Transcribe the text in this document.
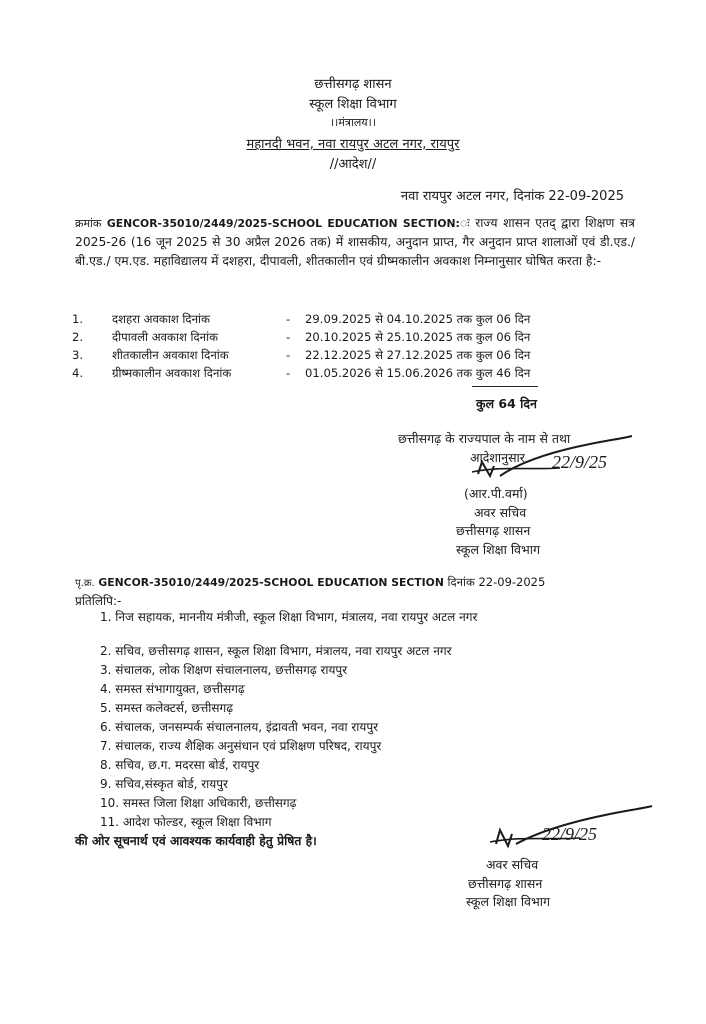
छत्तीसगढ़ शासन
स्कूल शिक्षा विभाग
।।मंत्रालय।।
महानदी भवन, नवा रायपुर अटल नगर, रायपुर
//आदेश//
नवा रायपुर अटल नगर, दिनांक 22-09-2025
क्रमांक GENCOR-35010/2449/2025-SCHOOL EDUCATION SECTION:ः राज्य शासन एतद् द्वारा शिक्षण सत्र 2025-26 (16 जून 2025 से 30 अप्रैल 2026 तक) में शासकीय, अनुदान प्राप्त, गैर अनुदान प्राप्त शालाओं एवं डी.एड./बी.एड./ एम.एड. महाविद्यालय में दशहरा, दीपावली, शीतकालीन एवं ग्रीष्मकालीन अवकाश निम्नानुसार घोषित करता है:-
1. दशहरा अवकाश दिनांक	- 29.09.2025 से 04.10.2025 तक कुल 06 दिन
2. दीपावली अवकाश दिनांक	- 20.10.2025 से 25.10.2025 तक कुल 06 दिन
3. शीतकालीन अवकाश दिनांक	- 22.12.2025 से 27.12.2025 तक कुल 06 दिन
4. ग्रीष्मकालीन अवकाश दिनांक	- 01.05.2026 से 15.06.2026 तक कुल 46 दिन
कुल 64 दिन
छत्तीसगढ़ के राज्यपाल के नाम से तथा
आदेशानुसार 22/9/25
(आर.पी.वर्मा)
अवर सचिव
छत्तीसगढ़ शासन
स्कूल शिक्षा विभाग
पृ.क्र. GENCOR-35010/2449/2025-SCHOOL EDUCATION SECTION दिनांक 22-09-2025
प्रतिलिपि:-
1. निज सहायक, माननीय मंत्रीजी, स्कूल शिक्षा विभाग, मंत्रालय, नवा रायपुर अटल नगर
2. सचिव, छत्तीसगढ़ शासन, स्कूल शिक्षा विभाग, मंत्रालय, नवा रायपुर अटल नगर
3. संचालक, लोक शिक्षण संचालनालय, छत्तीसगढ़ रायपुर
4. समस्त संभागायुक्त, छत्तीसगढ़
5. समस्त कलेक्टर्स, छत्तीसगढ़
6. संचालक, जनसम्पर्क संचालनालय, इंद्रावती भवन, नवा रायपुर
7. संचालक, राज्य शैक्षिक अनुसंधान एवं प्रशिक्षण परिषद, रायपुर
8. सचिव, छ.ग. मदरसा बोर्ड, रायपुर
9. सचिव,संस्कृत बोर्ड, रायपुर
10. समस्त जिला शिक्षा अधिकारी, छत्तीसगढ़
11. आदेश फोल्डर, स्कूल शिक्षा विभाग
की ओर सूचनार्थ एवं आवश्यक कार्यवाही हेतु प्रेषित है।	22/9/25
अवर सचिव
छत्तीसगढ़ शासन
स्कूल शिक्षा विभाग
